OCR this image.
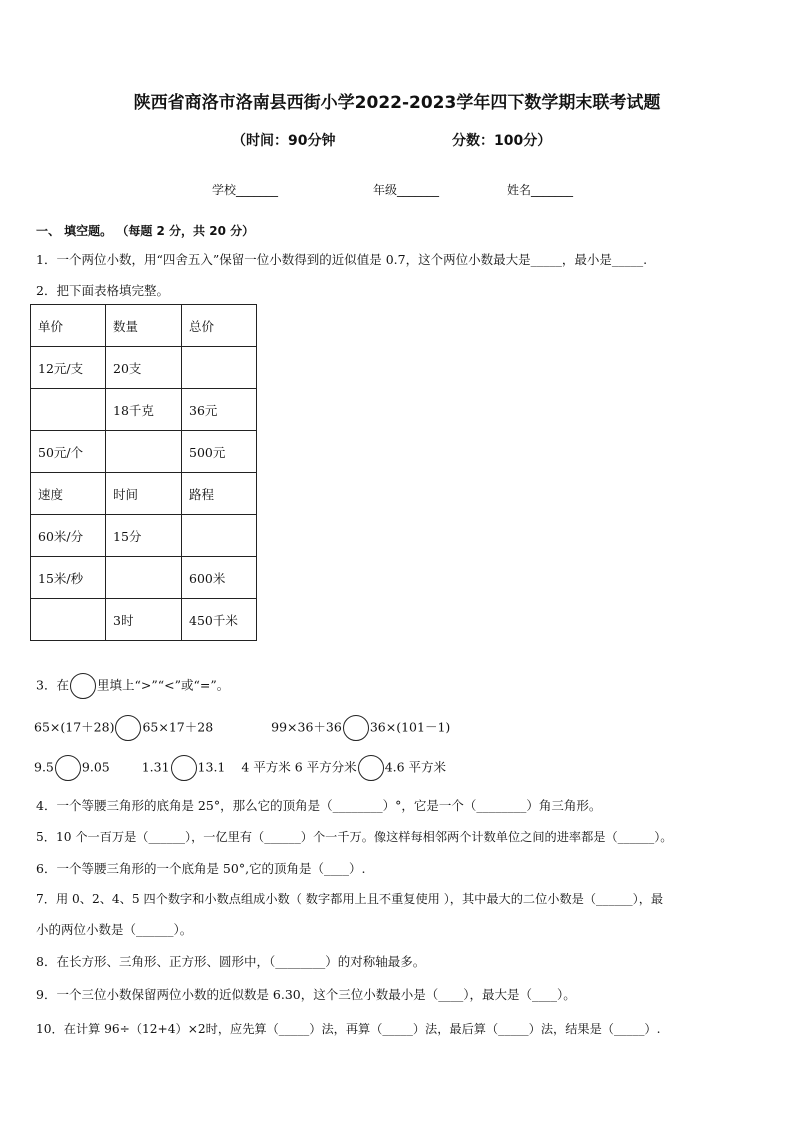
陕西省商洛市洛南县西街小学2022-2023学年四下数学期末联考试题
（时间：90分钟	分数：100分）
学校_______	年级_______	姓名_______
一、 填空题。 （每题 2 分，共 20 分）
1．一个两位小数，用“四舍五入”保留一位小数得到的近似值是 0.7，这个两位小数最大是_____，最小是_____.
2．把下面表格填完整。
单价	数量	总价
12元/支	20支	
	18千克	36元
50元/个		500元
速度	时间	路程
60米/分	15分	
15米/秒		600米
	3时	450千米
3．在 里填上“>”“<”或“=”。
65×(17＋28) 65×17＋28	99×36＋36 36×(101－1)
9.5 9.05	1.31 13.1 4 平方米 6 平方分米 4.6 平方米
4．一个等腰三角形的底角是 25°，那么它的顶角是（________）°，它是一个（________）角三角形。
5．10 个一百万是（______），一亿里有（______）个一千万。像这样每相邻两个计数单位之间的进率都是（______）。
6．一个等腰三角形的一个底角是 50°,它的顶角是（____）.
7．用 0、2、4、5 四个数字和小数点组成小数（ 数字都用上且不重复使用 ），其中最大的二位小数是（______），最
小的两位小数是（______）。
8．在长方形、三角形、正方形、圆形中，（________）的对称轴最多。
9．一个三位小数保留两位小数的近似数是 6.30，这个三位小数最小是（____），最大是（____）。
10．在计算 96÷（12+4）×2时，应先算（_____）法，再算（_____）法，最后算（_____）法，结果是（_____）.
